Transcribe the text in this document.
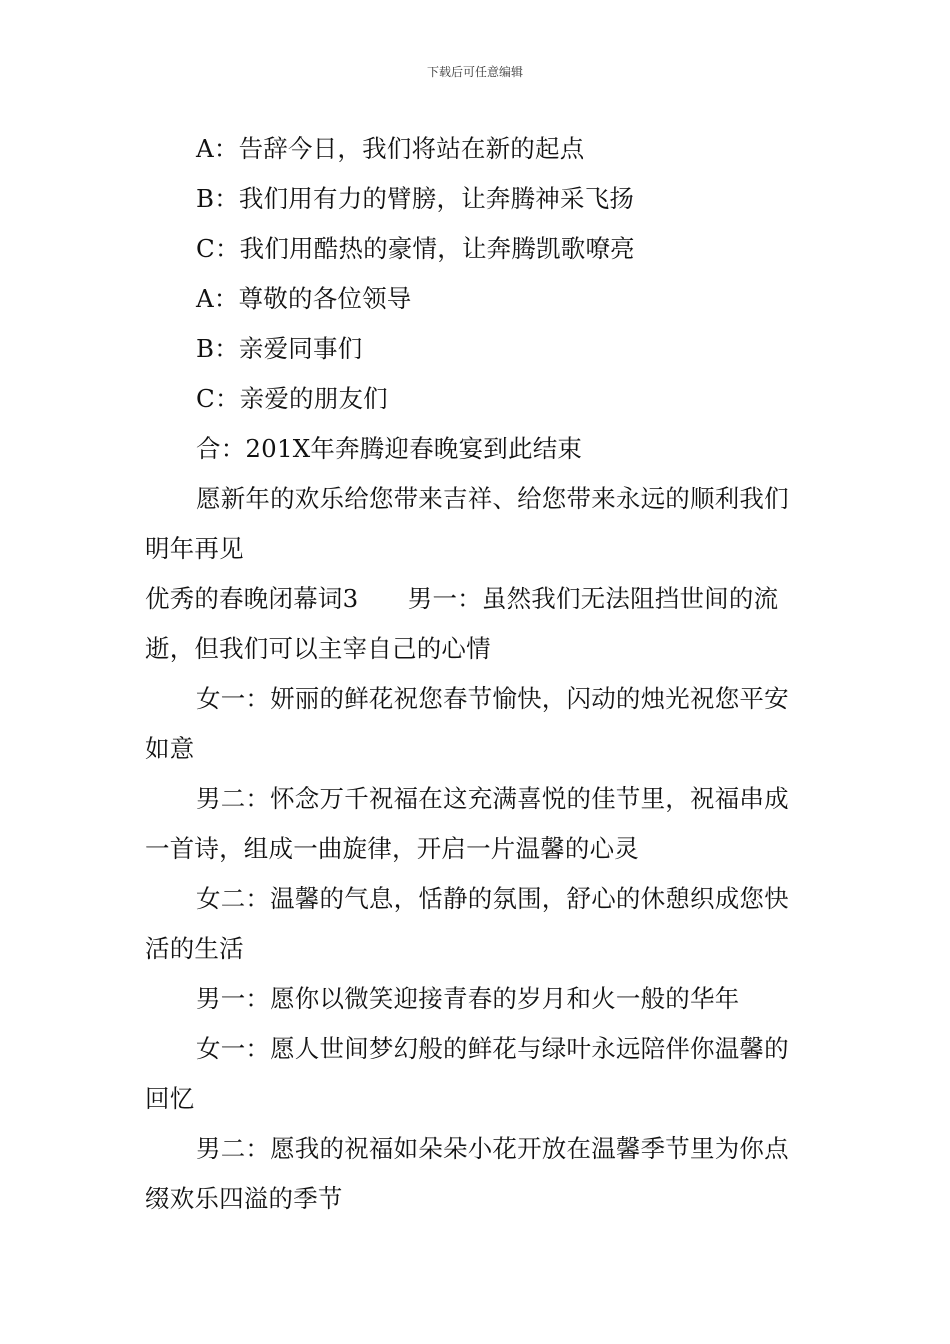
下载后可任意编辑

A：告辞今日，我们将站在新的起点

B：我们用有力的臂膀，让奔腾神采飞扬

C：我们用酷热的豪情，让奔腾凯歌嘹亮

A：尊敬的各位领导

B：亲爱同事们

C：亲爱的朋友们

合：201X年奔腾迎春晚宴到此结束

愿新年的欢乐给您带来吉祥、给您带来永远的顺利我们明年再见

优秀的春晚闭幕词3　　男一：虽然我们无法阻挡世间的流逝，但我们可以主宰自己的心情

女一：妍丽的鲜花祝您春节愉快，闪动的烛光祝您平安如意

男二：怀念万千祝福在这充满喜悦的佳节里，祝福串成一首诗，组成一曲旋律，开启一片温馨的心灵

女二：温馨的气息，恬静的氛围，舒心的休憩织成您快活的生活

男一：愿你以微笑迎接青春的岁月和火一般的华年

女一：愿人世间梦幻般的鲜花与绿叶永远陪伴你温馨的回忆

男二：愿我的祝福如朵朵小花开放在温馨季节里为你点缀欢乐四溢的季节
